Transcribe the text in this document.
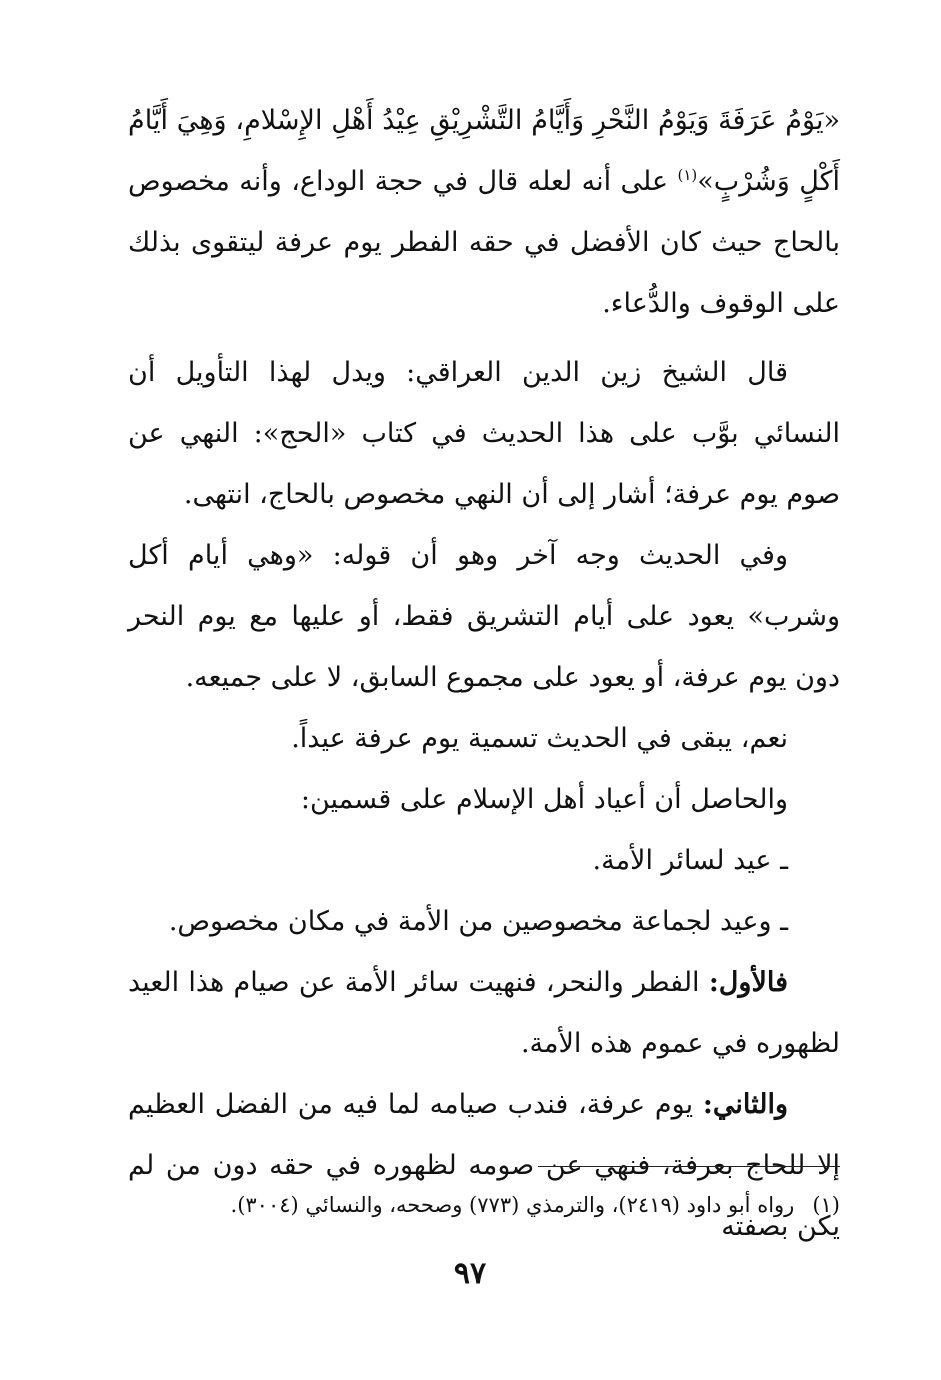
«يَوْمُ عَرَفَةَ وَيَوْمُ النَّحْرِ وَأَيَّامُ التَّشْرِيْقِ عِيْدُ أَهْلِ الإِسْلامِ، وَهِيَ أَيَّامُ أَكْلٍ وَشُرْبٍ»$^{(١)}$ على أنه لعله قال في حجة الوداع، وأنه مخصوص بالحاج حيث كان الأفضل في حقه الفطر يوم عرفة ليتقوى بذلك على الوقوف والدُّعاء.

قال الشيخ زين الدين العراقي: ويدل لهذا التأويل أن النسائي بوَّب على هذا الحديث في كتاب «الحج»: النهي عن صوم يوم عرفة؛ أشار إلى أن النهي مخصوص بالحاج، انتهى.

وفي الحديث وجه آخر وهو أن قوله: «وهي أيام أكل وشرب» يعود على أيام التشريق فقط، أو عليها مع يوم النحر دون يوم عرفة، أو يعود على مجموع السابق، لا على جميعه.

نعم، يبقى في الحديث تسمية يوم عرفة عيداً.

والحاصل أن أعياد أهل الإسلام على قسمين:

ـ عيد لسائر الأمة.

ـ وعيد لجماعة مخصوصين من الأمة في مكان مخصوص.

فالأول: الفطر والنحر، فنهيت سائر الأمة عن صيام هذا العيد لظهوره في عموم هذه الأمة.

والثاني: يوم عرفة، فندب صيامه لما فيه من الفضل العظيم إلا للحاج بعرفة، فنهي عن صومه لظهوره في حقه دون من لم يكن بصفته

(١)رواه أبو داود (٢٤١٩)، والترمذي (٧٧٣) وصححه، والنسائي (٣٠٠٤).
٩٧
